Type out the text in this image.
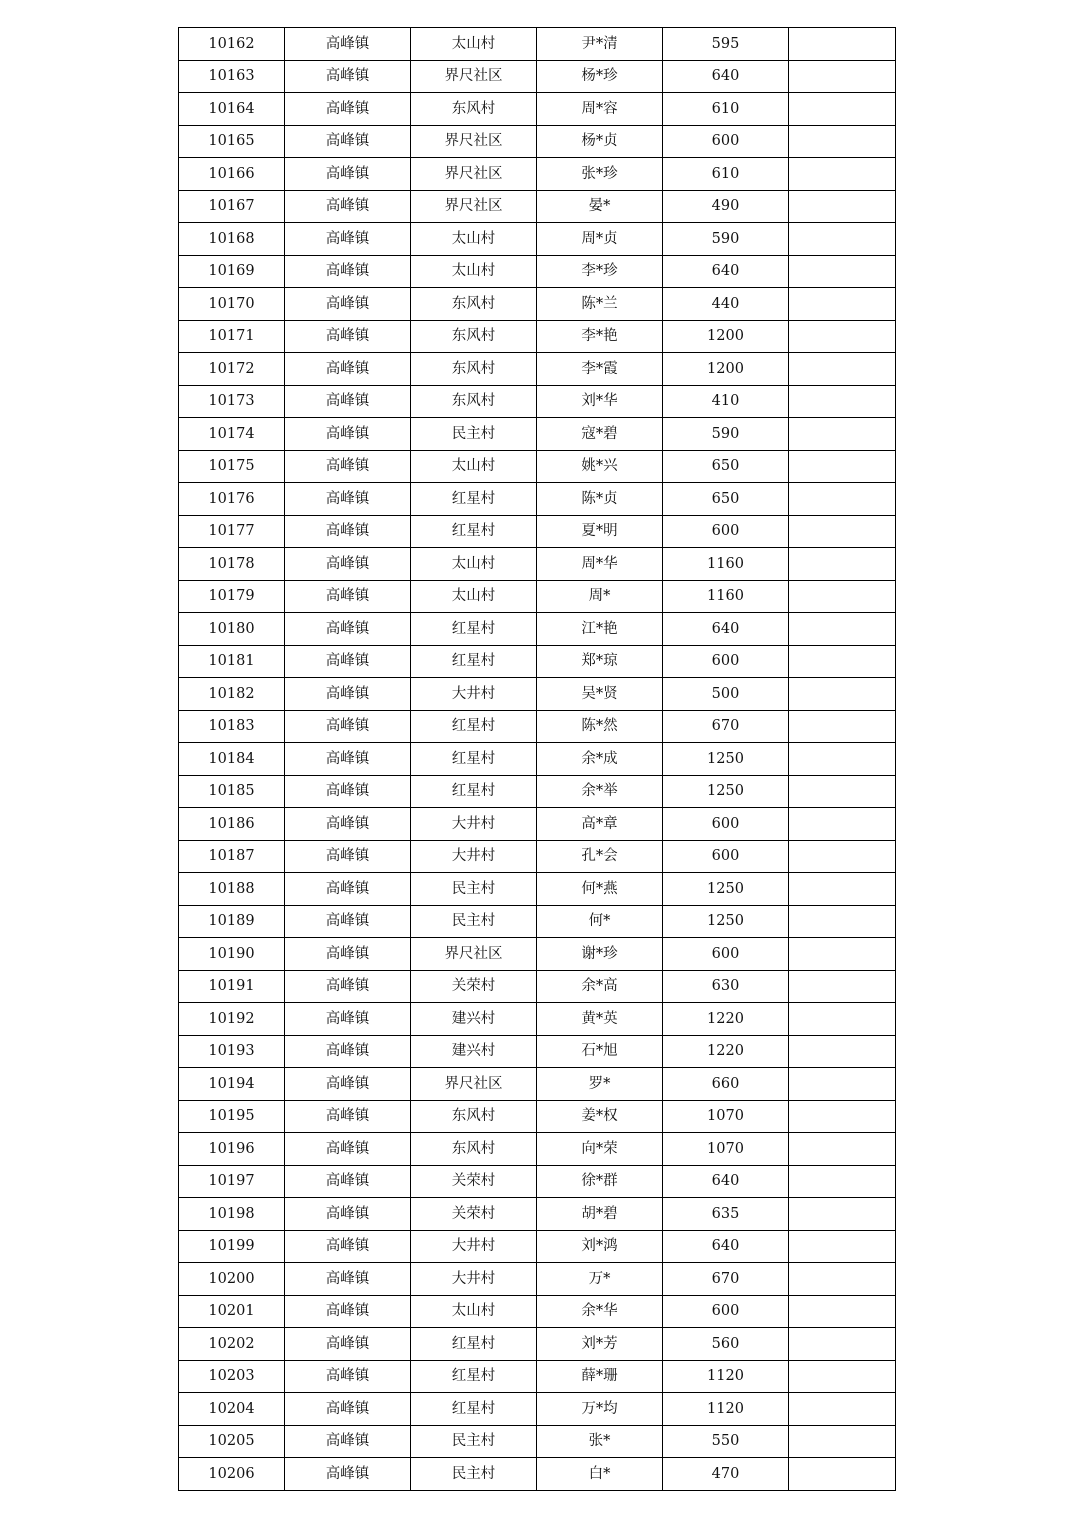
10162	高峰镇	太山村	尹*清	595	
10163	高峰镇	界尺社区	杨*珍	640	
10164	高峰镇	东风村	周*容	610	
10165	高峰镇	界尺社区	杨*贞	600	
10166	高峰镇	界尺社区	张*珍	610	
10167	高峰镇	界尺社区	晏*	490	
10168	高峰镇	太山村	周*贞	590	
10169	高峰镇	太山村	李*珍	640	
10170	高峰镇	东风村	陈*兰	440	
10171	高峰镇	东风村	李*艳	1200	
10172	高峰镇	东风村	李*霞	1200	
10173	高峰镇	东风村	刘*华	410	
10174	高峰镇	民主村	寇*碧	590	
10175	高峰镇	太山村	姚*兴	650	
10176	高峰镇	红星村	陈*贞	650	
10177	高峰镇	红星村	夏*明	600	
10178	高峰镇	太山村	周*华	1160	
10179	高峰镇	太山村	周*	1160	
10180	高峰镇	红星村	江*艳	640	
10181	高峰镇	红星村	郑*琼	600	
10182	高峰镇	大井村	吴*贤	500	
10183	高峰镇	红星村	陈*然	670	
10184	高峰镇	红星村	余*成	1250	
10185	高峰镇	红星村	余*举	1250	
10186	高峰镇	大井村	高*章	600	
10187	高峰镇	大井村	孔*会	600	
10188	高峰镇	民主村	何*燕	1250	
10189	高峰镇	民主村	何*	1250	
10190	高峰镇	界尺社区	谢*珍	600	
10191	高峰镇	关荣村	余*高	630	
10192	高峰镇	建兴村	黄*英	1220	
10193	高峰镇	建兴村	石*旭	1220	
10194	高峰镇	界尺社区	罗*	660	
10195	高峰镇	东风村	姜*权	1070	
10196	高峰镇	东风村	向*荣	1070	
10197	高峰镇	关荣村	徐*群	640	
10198	高峰镇	关荣村	胡*碧	635	
10199	高峰镇	大井村	刘*鸿	640	
10200	高峰镇	大井村	万*	670	
10201	高峰镇	太山村	余*华	600	
10202	高峰镇	红星村	刘*芳	560	
10203	高峰镇	红星村	薛*珊	1120	
10204	高峰镇	红星村	万*均	1120	
10205	高峰镇	民主村	张*	550	
10206	高峰镇	民主村	白*	470	
